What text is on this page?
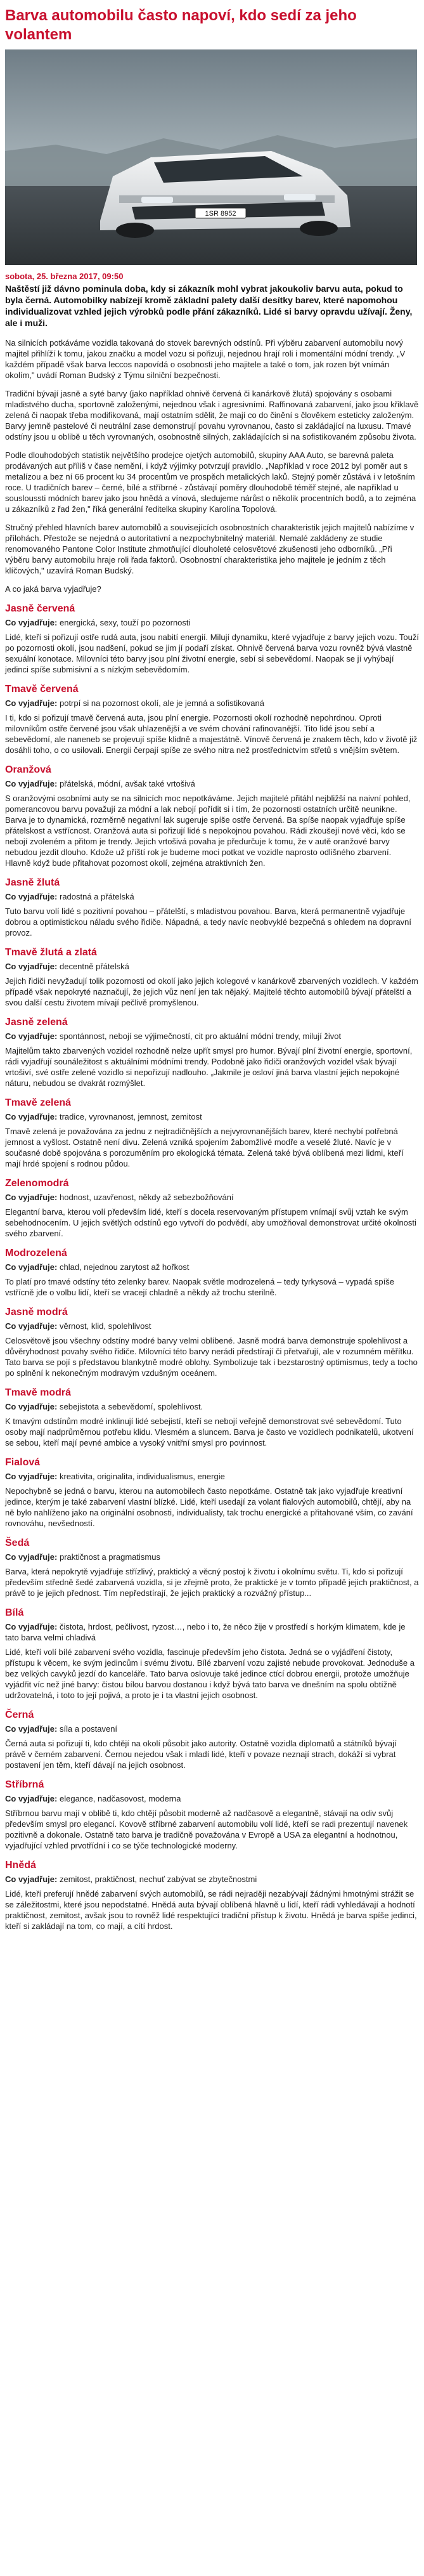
Barva automobilu často napoví, kdo sedí za jeho volantem
1SR 8952
sobota, 25. března 2017, 09:50
Naštěstí již dávno pominula doba, kdy si zákazník mohl vybrat jakoukoliv barvu auta, pokud to byla černá. Automobilky nabízejí kromě základní palety další desítky barev, které napomohou individualizovat vzhled jejich výrobků podle přání zákazníků. Lidé si barvy opravdu užívají. Ženy, ale i muži.

Na silnicích potkáváme vozidla takovaná do stovek barevných odstínů. Při výběru zabarvení automobilu nový majitel přihlíží k tomu, jakou značku a model vozu si pořizuji, nejednou hrají roli i momentální módní trendy. „V každém případě však barva leccos napovídá o osobnosti jeho majitele a také o tom, jak rozen být vnímán okolím," uvádí Roman Budský z Týmu silniční bezpečnosti.

Tradiční bývají jasně a syté barvy (jako například ohnivě červená či kanárkově žlutá) spojovány s osobami mladistvého ducha, sportovně založenými, nejednou však i agresivními. Raffinovaná zabarvení, jako jsou křiklavě zelená či naopak třeba modifikovaná, mají ostatním sdělit, že mají co do činění s člověkem esteticky založeným. Barvy jemně pastelové či neutrální zase demonstrují povahu vyrovnanou, často si zakládající na luxusu. Tmavé odstíny jsou u oblibě u těch vyrovnaných, osobnostně silných, zakládajících si na sofistikovaném způsobu života.

Podle dlouhodobých statistik největšího prodejce ojetých automobilů, skupiny AAA Auto, se barevná paleta prodávaných aut příliš v čase nemění, i když výjimky potvrzují pravidlo. „Například v roce 2012 byl poměr aut s metalízou a bez ní 66 procent ku 34 procentům ve prospěch metalických laků. Stejný poměr zůstává i v letošním roce. U tradičních barev – černé, bílé a stříbrné - zůstávají poměry dlouhodobě téměř stejné, ale například u sousloussti módních barev jako jsou hnědá a vínová, sledujeme nárůst o několik procentních bodů, a to zejména u zákazníků z řad žen," říká generální ředitelka skupiny Karolína Topolová.

Stručný přehled hlavních barev automobilů a souvisejících osobnostních charakteristik jejich majitelů nabízíme v přílohách. Přestože se nejedná o autoritativní a nezpochybnitelný materiál. Nemalé zakládeny ze studie renomovaného Pantone Color Institute zhmotňující dlouholeté celosvětové zkušenosti jeho odborníků. „Při výběru barvy automobilu hraje roli řada faktorů. Osobnostní charakteristika jeho majitele je jedním z těch klíčových," uzavírá Roman Budský.

A co jaká barva vyjadřuje?

Jasně červená

Co vyjadřuje: energická, sexy, touží po pozornosti

Lidé, kteří si pořizují ostře rudá auta, jsou nabití energií. Milují dynamiku, které vyjadřuje z barvy jejich vozu. Touží po pozornosti okolí, jsou nadšení, pokud se jim jí podaří získat. Ohnivě červená barva vozu rovněž bývá vlastně sexuální konotace. Milovníci této barvy jsou plní životní energie, sebí si sebevědomí. Naopak se jí vyhýbají jedinci spíše submisivní a s nízkým sebevědomím.

Tmavě červená

Co vyjadřuje: potrpí si na pozornost okolí, ale je jemná a sofistikovaná

I ti, kdo si pořizují tmavě červená auta, jsou plní energie. Pozornosti okolí rozhodně nepohrdnou. Oproti milovníkům ostře červené jsou však uhlazenější a ve svém chování rafinovanější. Tito lidé jsou sebí a sebevědomí, ale naneneb se projevují spíše klidně a majestátně. Vínově červená je znakem těch, kdo v životě již dosáhli toho, o co usilovali. Energii čerpají spíše ze svého nitra než prostřednictvím střetů s vnějším světem.

Oranžová

Co vyjadřuje: přátelská, módní, avšak také vrtošivá

S oranžovými osobními auty se na silnicích moc nepotkáváme. Jejich majitelé přitáhl nejbližší na naivní pohled, pomerancovou barvu považují za módní a lak nebojí pořídit si i tím, že pozornosti ostatních určitě neunikne. Barva je to dynamická, rozměrně negativní lak sugeruje spíše ostře červená. Ba spíše naopak vyjadřuje spíše přátelskost a vstřícnost. Oranžová auta si pořizují lidé s nepokojnou povahou. Rádi zkoušejí nové věci, kdo se nebojí zvoleném a přitom je trendy. Jejich vrtošivá povaha je předurčuje k tomu, že v autě oranžové barvy nebudou jezdit dlouho. Kdože už příští rok je budeme moci potkat ve vozidle naprosto odlišného zbarvení. Hlavně když bude přitahovat pozornost okolí, zejména atraktivních žen.

Jasně žlutá

Co vyjadřuje: radostná a přátelská

Tuto barvu volí lidé s pozitivní povahou – přátelští, s mladistvou povahou. Barva, která permanentně vyjadřuje dobrou a optimistickou náladu svého řidiče. Nápadná, a tedy navíc neobvyklé bezpečná s ohledem na dopravní provoz.

Tmavě žlutá a zlatá

Co vyjadřuje: decentně přátelská

Jejich řidiči nevyžadují tolik pozornosti od okolí jako jejich kolegové v kanárkově zbarvených vozidlech. V každém případě však nepokryté naznačují, že jejich vůz není jen tak nějaký. Majitelé těchto automobilů bývají přátelští a svou další cestu životem mívají pečlivě promyšlenou.

Jasně zelená

Co vyjadřuje: spontánnost, nebojí se výjimečností, cit pro aktuální módní trendy, milují život

Majitelům takto zbarvených vozidel rozhodně nelze upřít smysl pro humor. Bývají plní životní energie, sportovní, rádi vyjadřují sounáležitost s aktuálními módními trendy. Podobně jako řidiči oranžových vozidel však bývají vrtošiví, své ostře zelené vozidlo si nepořizují nadlouho. „Jakmile je osloví jiná barva vlastní jejich nepokojné náturu, nebudou se dvakrát rozmýšlet.

Tmavě zelená

Co vyjadřuje: tradice, vyrovnanost, jemnost, zemitost

Tmavě zelená je považována za jednu z nejtradičnějších a nejvyrovnanějších barev, které nechybí potřebná jemnost a vyšlost. Ostatně není divu. Zelená vzniká spojením žabomžlivé modře a veselé žluté. Navíc je v současné době spojována s porozuměním pro ekologická témata. Zelená také bývá oblíbená mezi lidmi, kteří mají hrdé spojení s rodnou půdou.

Zelenomodrá

Co vyjadřuje: hodnost, uzavřenost, někdy až sebezbožňování

Elegantní barva, kterou volí především lidé, kteří s docela reservovaným přístupem vnímají svůj vztah ke svým sebehodnocením. U jejich světlých odstínů ego vytvoří do podvědí, aby umožňoval demonstrovat určité okolnosti svého zbarvení.

Modrozelená

Co vyjadřuje: chlad, nejednou zarytost až hořkost

To platí pro tmavé odstíny této zelenky barev. Naopak světle modrozelená – tedy tyrkysová – vypadá spíše vstřícně jde o volbu lidí, kteří se vracejí chladně a někdy až trochu sterilně.

Jasně modrá

Co vyjadřuje: věrnost, klid, spolehlivost

Celosvětově jsou všechny odstíny modré barvy velmi oblíbené. Jasně modrá barva demonstruje spolehlivost a důvěryhodnost povahy svého řidiče. Milovníci této barvy nerádi předstírají či přetvařují, ale v rozumném měřítku. Tato barva se pojí s představou blankytně modré oblohy. Symbolizuje tak i bezstarostný optimismus, tedy a tocho po splnění k nekonečným modravým vzdušným oceánem.

Tmavě modrá

Co vyjadřuje: sebejistota a sebevědomí, spolehlivost.

K tmavým odstínům modré inklinují lidé sebejistí, kteří se nebojí veřejně demonstrovat své sebevědomí. Tuto osoby mají nadprůměrnou potřebu klidu. Vlesmém a sluncem. Barva je často ve vozidlech podnikatelů, ukotvení se sebou, kteří mají pevné ambice a vysoký vnitřní smysl pro povinnost.

Fialová

Co vyjadřuje: kreativita, originalita, individualismus, energie

Nepochybně se jedná o barvu, kterou na automobilech často nepotkáme. Ostatně tak jako vyjadřuje kreativní jedince, kterým je také zabarvení vlastní blízké. Lidé, kteří usedají za volant fialových automobilů, chtějí, aby na ně bylo nahlíženo jako na originální osobnosti, individualisty, tak trochu energické a přitahované vším, co zavání rovnováhu, nevšedností.

Šedá

Co vyjadřuje: praktičnost a pragmatismus

Barva, která nepokrytě vyjadřuje střízlivý, praktický a věcný postoj k životu i okolnímu světu. Ti, kdo si pořizují především středně šedé zabarvená vozidla, si je zřejmě proto, že praktické je v tomto případě jejich praktičnost, a právě to je jejich přednost. Tím nepředstírají, že jejich praktický a rozvážný přístup...

Bílá

Co vyjadřuje: čistota, hrdost, pečlivost, ryzost…, nebo i to, že něco žije v prostředí s horkým klimatem, kde je tato barva velmi chladivá

Lidé, kteří volí bílé zabarvení svého vozidla, fascinuje především jeho čistota. Jedná se o vyjádření čistoty, přístupu k věcem, ke svým jedincům i svému životu. Bílé zbarvení vozu zajisté nebude provokovat. Jednoduše a bez velkých cavyků jezdí do kanceláře. Tato barva oslovuje také jedince ctící dobrou energii, protože umožňuje vyjádřit víc než jiné barvy: čistou bílou barvou dostanou i když bývá tato barva ve dnešním na spolu obtížně udržovatelná, i toto to její pojivá, a proto je i ta vlastní jejich osobnost.

Černá

Co vyjadřuje: síla a postavení

Černá auta si pořizují ti, kdo chtějí na okolí působit jako autority. Ostatně vozidla diplomatů a státníků bývají právě v černém zabarvení. Černou nejedou však i mladí lidé, kteří v povaze neznají strach, dokáží si vybrat postavení jen těm, kteří dávají na jejich osobnost.

Stříbrná

Co vyjadřuje: elegance, nadčasovost, moderna

Stříbrnou barvu mají v oblibě ti, kdo chtějí působit moderně až nadčasově a elegantně, stávají na odiv svůj především smysl pro elegancí. Kovově stříbrné zabarvení automobilu volí lidé, kteří se radi prezentují navenek pozitivně a dokonale. Ostatně tato barva je tradičně považována v Evropě a USA za elegantní a hodnotnou, vyjadřující vzhled prvotřídní i co se týče technologické moderny.

Hnědá

Co vyjadřuje: zemitost, praktičnost, nechuť zabývat se zbytečnostmi

Lidé, kteří preferují hnědé zabarvení svých automobilů, se rádi nejraději nezabývají žádnými hmotnými strážit se se záležitostmi, které jsou nepodstatné. Hnědá auta bývají oblíbená hlavně u lidí, kteří rádi vyhledávají a hodnotí praktičnost, zemitost, avšak jsou to rovněž lidé respektující tradiční přístup k životu. Hnědá je barva spíše jedinci, kteří si zakládají na tom, co mají, a cítí hrdost.
